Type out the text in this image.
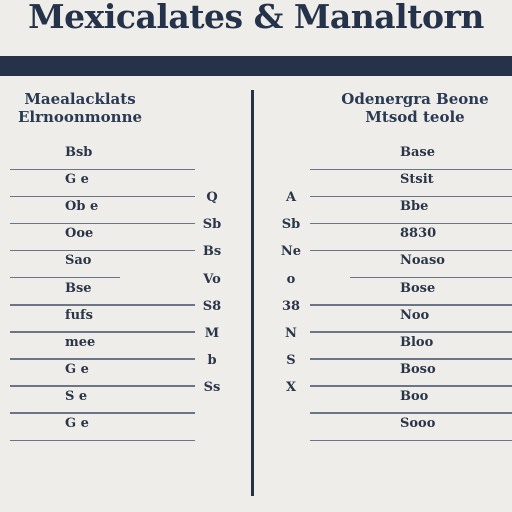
Mexicalates & Manaltorn
Maealacklats
Elrnoonmonne
Odenergra Beone
Mtsod teole
Bsb
G e
Ob e
Ooe
Sao
Bse
fufs
mee
G e
S e
G e
Base
Stsit
Bbe
8830
Noaso
Bose
Noo
Bloo
Boso
Boo
Sooo
Q
Sb
Bs
Vo
S8
M
b
Ss
A
Sb
Ne
o
38
N
S
X
